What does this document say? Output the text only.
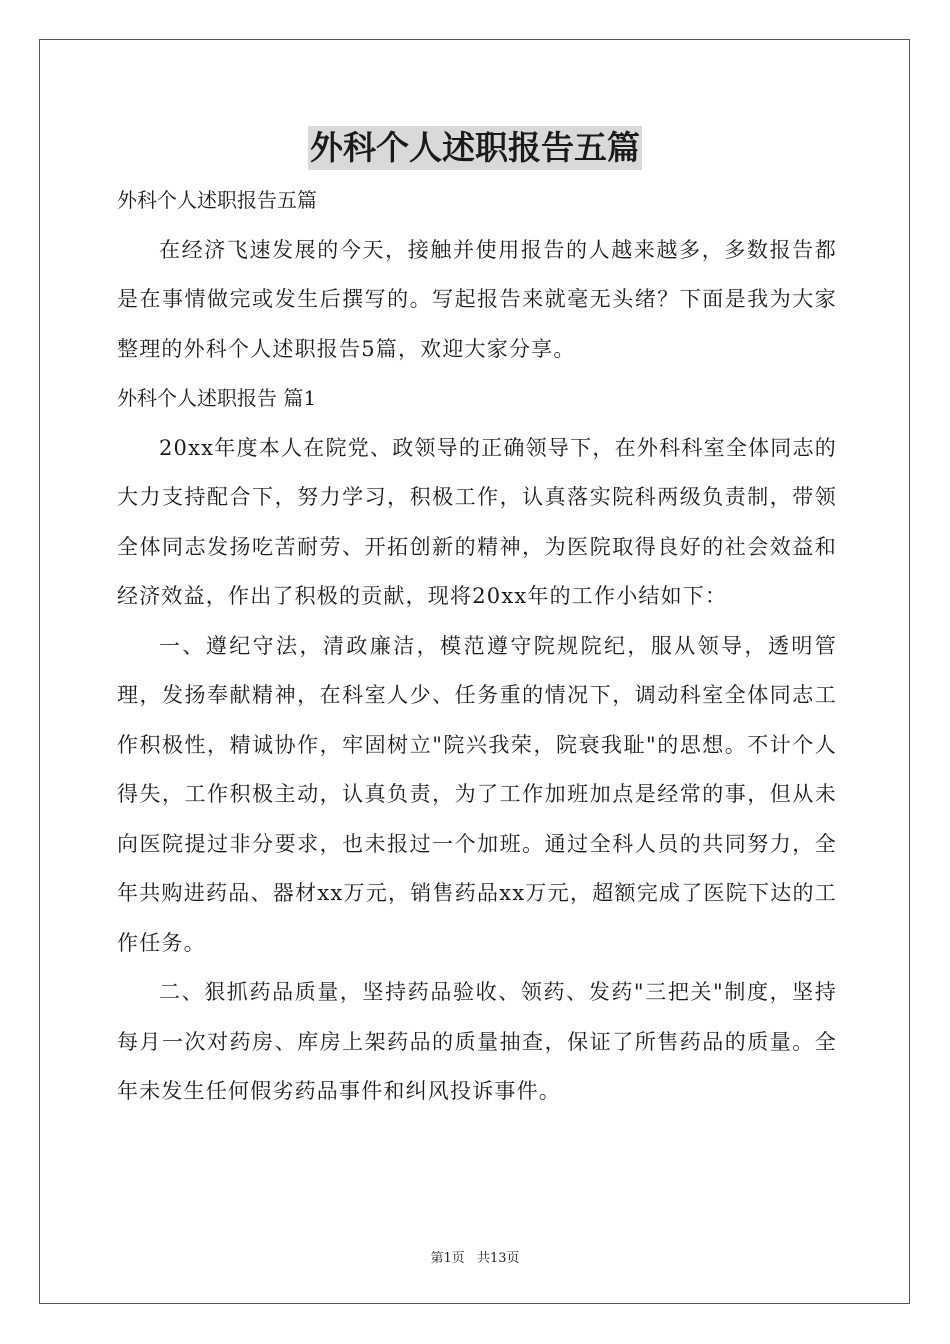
外科个人述职报告五篇
外科个人述职报告五篇
在经济飞速发展的今天，接触并使用报告的人越来越多，多数报告都是在事情做完或发生后撰写的。写起报告来就毫无头绪？下面是我为大家整理的外科个人述职报告5篇，欢迎大家分享。
外科个人述职报告 篇1
20xx年度本人在院党、政领导的正确领导下，在外科科室全体同志的大力支持配合下，努力学习，积极工作，认真落实院科两级负责制，带领全体同志发扬吃苦耐劳、开拓创新的精神，为医院取得良好的社会效益和经济效益，作出了积极的贡献，现将20xx年的工作小结如下：
一、遵纪守法，清政廉洁，模范遵守院规院纪，服从领导，透明管理，发扬奉献精神，在科室人少、任务重的情况下，调动科室全体同志工作积极性，精诚协作，牢固树立"院兴我荣，院衰我耻"的思想。不计个人得失，工作积极主动，认真负责，为了工作加班加点是经常的事，但从未向医院提过非分要求，也未报过一个加班。通过全科人员的共同努力，全年共购进药品、器材xx万元，销售药品xx万元，超额完成了医院下达的工作任务。
二、狠抓药品质量，坚持药品验收、领药、发药"三把关"制度，坚持每月一次对药房、库房上架药品的质量抽查，保证了所售药品的质量。全年未发生任何假劣药品事件和纠风投诉事件。
第1页 共13页
